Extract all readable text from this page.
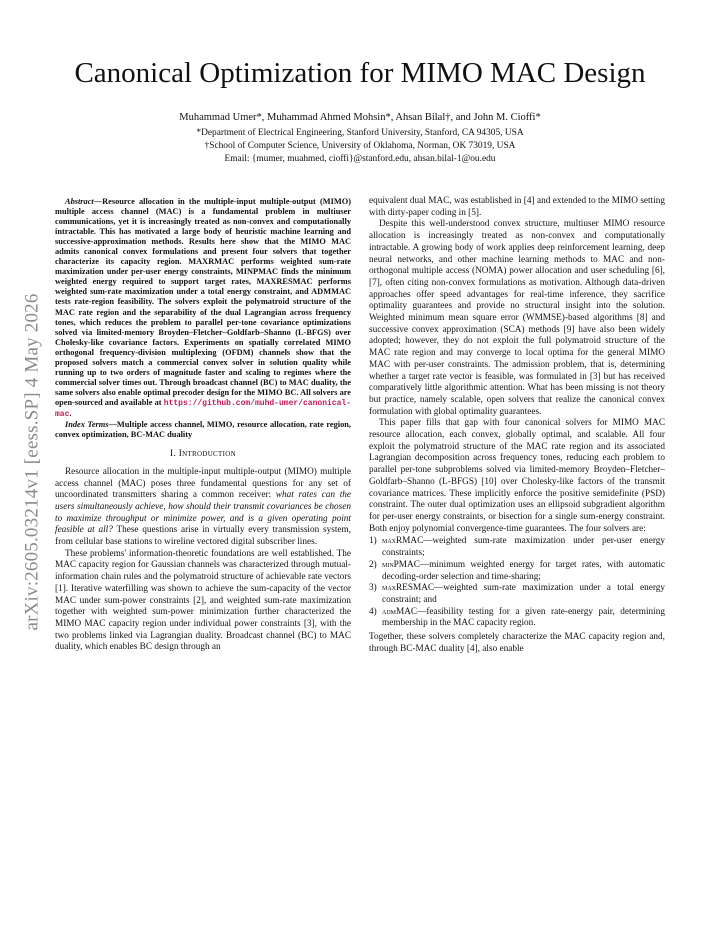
arXiv:2605.03214v1 [eess.SP] 4 May 2026
Canonical Optimization for MIMO MAC Design
Muhammad Umer*, Muhammad Ahmed Mohsin*, Ahsan Bilal†, and John M. Cioffi*
*Department of Electrical Engineering, Stanford University, Stanford, CA 94305, USA
†School of Computer Science, University of Oklahoma, Norman, OK 73019, USA
Email: {mumer, muahmed, cioffi}@stanford.edu, ahsan.bilal-1@ou.edu

Abstract—Resource allocation in the multiple-input multiple-output (MIMO) multiple access channel (MAC) is a fundamental problem in multiuser communications, yet it is increasingly treated as non-convex and computationally intractable. This has motivated a large body of heuristic machine learning and successive-approximation methods. Results here show that the MIMO MAC admits canonical convex formulations and present four solvers that together characterize its capacity region. MAXRMAC performs weighted sum-rate maximization under per-user energy constraints, MINPMAC finds the minimum weighted energy required to support target rates, MAXRESMAC performs weighted sum-rate maximization under a total energy constraint, and ADMMAC tests rate-region feasibility. The solvers exploit the polymatroid structure of the MAC rate region and the separability of the dual Lagrangian across frequency tones, which reduces the problem to parallel per-tone covariance optimizations solved via limited-memory Broyden–Fletcher–Goldfarb–Shanno (L-BFGS) over Cholesky-like covariance factors. Experiments on spatially correlated MIMO orthogonal frequency-division multiplexing (OFDM) channels show that the proposed solvers match a commercial convex solver in solution quality while running up to two orders of magnitude faster and scaling to regimes where the commercial solver times out. Through broadcast channel (BC) to MAC duality, the same solvers also enable optimal precoder design for the MIMO BC. All solvers are open-sourced and available at https://github.com/muhd-umer/canonical-mac.

Index Terms—Multiple access channel, MIMO, resource allocation, rate region, convex optimization, BC-MAC duality

I. Introduction

Resource allocation in the multiple-input multiple-output (MIMO) multiple access channel (MAC) poses three fundamental questions for any set of uncoordinated transmitters sharing a common receiver: what rates can the users simultaneously achieve, how should their transmit covariances be chosen to maximize throughput or minimize power, and is a given operating point feasible at all? These questions arise in virtually every transmission system, from cellular base stations to wireline vectored digital subscriber lines.

These problems' information-theoretic foundations are well established. The MAC capacity region for Gaussian channels was characterized through mutual-information chain rules and the polymatroid structure of achievable rate vectors [1]. Iterative waterfilling was shown to achieve the sum-capacity of the vector MAC under sum-power constraints [2], and weighted sum-rate maximization together with weighted sum-power minimization further characterized the MIMO MAC capacity region under individual power constraints [3], with the two problems linked via Lagrangian duality. Broadcast channel (BC) to MAC duality, which enables BC design through an

equivalent dual MAC, was established in [4] and extended to the MIMO setting with dirty-paper coding in [5].

Despite this well-understood convex structure, multiuser MIMO resource allocation is increasingly treated as non-convex and computationally intractable. A growing body of work applies deep reinforcement learning, deep neural networks, and other machine learning methods to MAC and non-orthogonal multiple access (NOMA) power allocation and user scheduling [6], [7], often citing non-convex formulations as motivation. Although data-driven approaches offer speed advantages for real-time inference, they sacrifice optimality guarantees and provide no structural insight into the solution. Weighted minimum mean square error (WMMSE)-based algorithms [8] and successive convex approximation (SCA) methods [9] have also been widely adopted; however, they do not exploit the full polymatroid structure of the MAC rate region and may converge to local optima for the general MIMO MAC with per-user constraints. The admission problem, that is, determining whether a target rate vector is feasible, was formulated in [3] but has received comparatively little algorithmic attention. What has been missing is not theory but practice, namely scalable, open solvers that realize the canonical convex formulation with global optimality guarantees.

This paper fills that gap with four canonical solvers for MIMO MAC resource allocation, each convex, globally optimal, and scalable. All four exploit the polymatroid structure of the MAC rate region and its associated Lagrangian decomposition across frequency tones, reducing each problem to parallel per-tone subproblems solved via limited-memory Broyden–Fletcher–Goldfarb–Shanno (L-BFGS) [10] over Cholesky-like factors of the transmit covariance matrices. These implicitly enforce the positive semidefinite (PSD) constraint. The outer dual optimization uses an ellipsoid subgradient algorithm for per-user energy constraints, or bisection for a single sum-energy constraint. Both enjoy polynomial convergence-time guarantees. The four solvers are:

1) maxRMAC—weighted sum-rate maximization under per-user energy constraints;
2) minPMAC—minimum weighted energy for target rates, with automatic decoding-order selection and time-sharing;
3) maxRESMAC—weighted sum-rate maximization under a total energy constraint; and
4) admMAC—feasibility testing for a given rate-energy pair, determining membership in the MAC capacity region.

Together, these solvers completely characterize the MAC capacity region and, through BC-MAC duality [4], also enable
